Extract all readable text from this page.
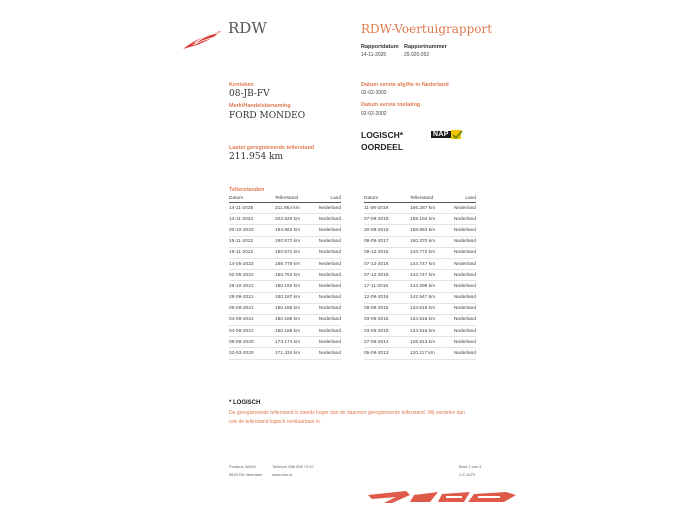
RDW	RDW-Voertuigrapport
Rapportdatum
14-11-2025
Rapportnummer
29.920.052
Kenteken
08-JB-FV
Merk/Handelsbenaming
FORD MONDEO
Laatst geregistreerde tellerstand
211.954 km
Datum eerste afgifte in Nederland
02-02-2002
Datum eerste toelating
02-02-2002
LOGISCH*
OORDEEL
NAP
Tellerstanden
Datum	Tellerstand	Land
14-11-2025	211.954 km	Nederland
14-11-2024	203.520 km	Nederland
20-10-2023	194.662 km	Nederland
15-11-2022	190.572 km	Nederland
15-11-2022	190.572 km	Nederland
14-05-2022	186.779 km	Nederland
02-05-2022	186.762 km	Nederland
26-10-2021	180.192 km	Nederland
29-09-2021	180.187 km	Nederland
06-09-2021	180.186 km	Nederland
04-09-2021	180.186 km	Nederland
04-09-2021	180.186 km	Nederland
09-09-2020	173.174 km	Nederland
02-03-2020	171.434 km	Nederland
Datum	Tellerstand	Land
11-09-2019	166.287 km	Nederland
07-09-2018	159.192 km	Nederland
30-08-2018	158.963 km	Nederland
08-09-2017	150.370 km	Nederland
09-12-2016	144.772 km	Nederland
07-12-2016	144.747 km	Nederland
07-12-2016	144.747 km	Nederland
17-11-2016	144.298 km	Nederland
12-09-2016	142.947 km	Nederland
09-09-2015	134.516 km	Nederland
03-09-2015	134.516 km	Nederland
03-09-2015	134.516 km	Nederland
27-08-2014	126.813 km	Nederland
05-09-2013	120.117 km	Nederland
* LOGISCH
De geregistreerde tellerstand is steeds hoger dan de daarvoor geregistreerde tellerstand. Wij oordelen dan
ook de tellerstand logisch verklaarbaar is.
Postbus 30000
9640 RA Veendam
Telefoon 088 008 74 67
www.rdw.nl
Blad 1 van 4
2.E.1670
